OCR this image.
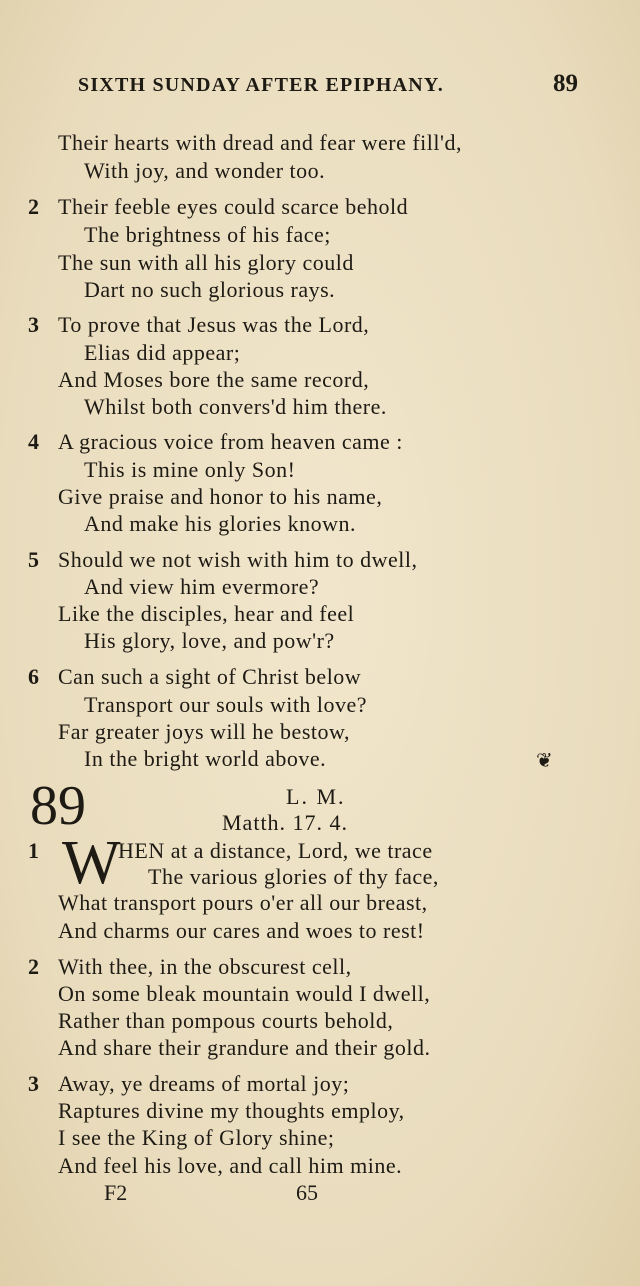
SIXTH SUNDAY AFTER EPIPHANY.	89
Their hearts with dread and fear were fill'd,
With joy, and wonder too.
2 Their feeble eyes could scarce behold
The brightness of his face;
The sun with all his glory could
Dart no such glorious rays.
3 To prove that Jesus was the Lord,
Elias did appear;
And Moses bore the same record,
Whilst both convers'd him there.
4 A gracious voice from heaven came :
This is mine only Son!
Give praise and honor to his name,
And make his glories known.
5 Should we not wish with him to dwell,
And view him evermore?
Like the disciples, hear and feel
His glory, love, and pow'r?
6 Can such a sight of Christ below
Transport our souls with love?
Far greater joys will he bestow,
In the bright world above.	❦
89	L. M.
Matth. 17. 4.
1 W
HEN at a distance, Lord, we trace
The various glories of thy face,
What transport pours o'er all our breast,
And charms our cares and woes to rest!
2 With thee, in the obscurest cell,
On some bleak mountain would I dwell,
Rather than pompous courts behold,
And share their grandure and their gold.
3 Away, ye dreams of mortal joy;
Raptures divine my thoughts employ,
I see the King of Glory shine;
And feel his love, and call him mine.
F2	65
